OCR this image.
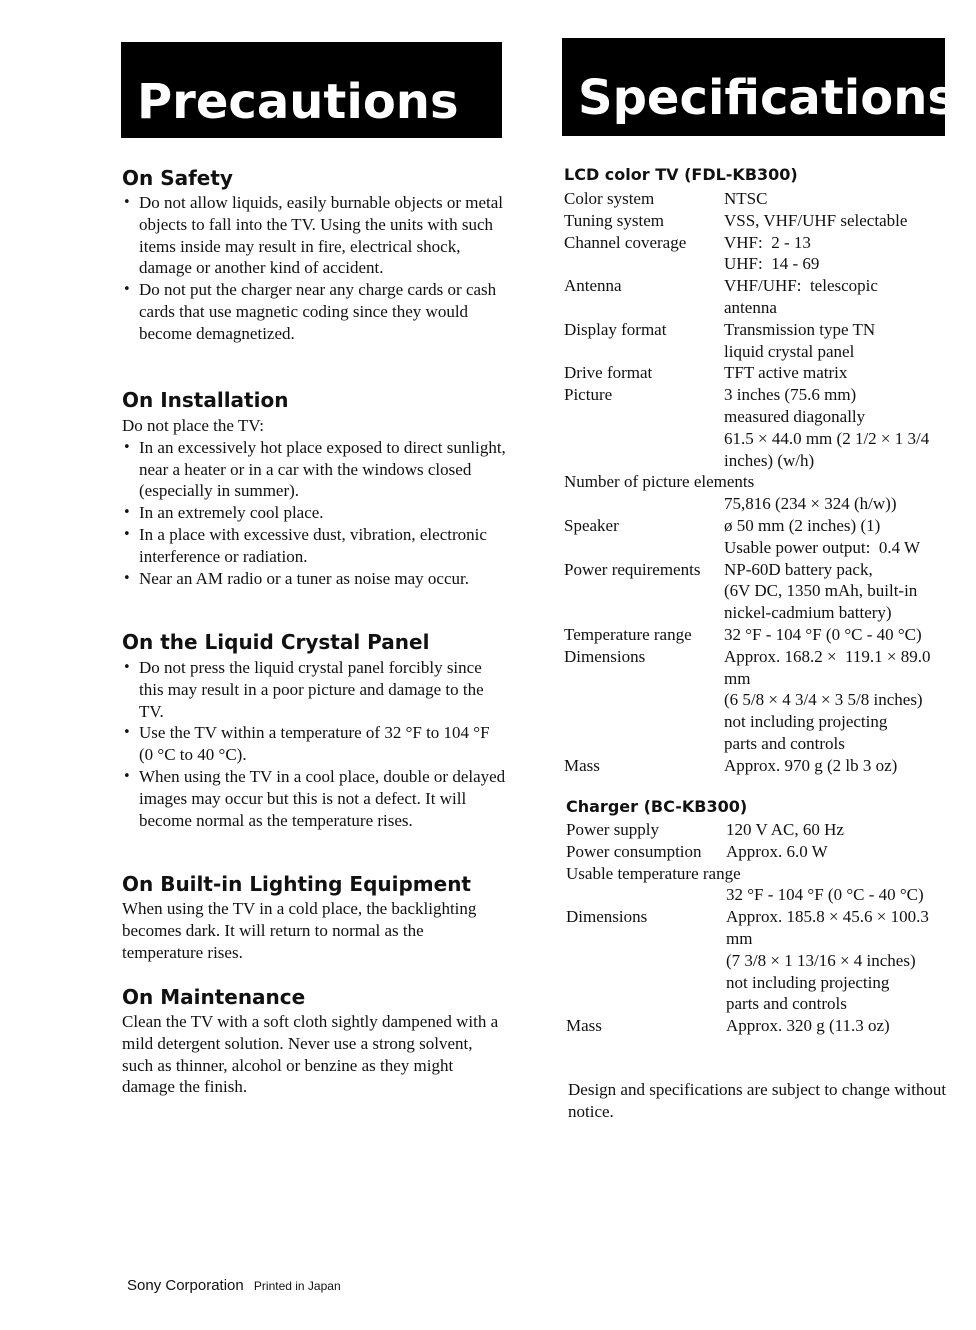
Precautions	Specifications
On Safety
• Do not allow liquids, easily burnable objects or metal objects to fall into the TV. Using the units with such items inside may result in fire, electrical shock, damage or another kind of accident.
• Do not put the charger near any charge cards or cash cards that use magnetic coding since they would become demagnetized.
On Installation
Do not place the TV:
• In an excessively hot place exposed to direct sunlight, near a heater or in a car with the windows closed (especially in summer).
• In an extremely cool place.
• In a place with excessive dust, vibration, electronic interference or radiation.
• Near an AM radio or a tuner as noise may occur.
On the Liquid Crystal Panel
• Do not press the liquid crystal panel forcibly since this may result in a poor picture and damage to the TV.
• Use the TV within a temperature of 32 °F to 104 °F (0 °C to 40 °C).
• When using the TV in a cool place, double or delayed images may occur but this is not a defect. It will become normal as the temperature rises.
On Built-in Lighting Equipment
When using the TV in a cold place, the backlighting becomes dark. It will return to normal as the temperature rises.
On Maintenance
Clean the TV with a soft cloth sightly dampened with a mild detergent solution. Never use a strong solvent, such as thinner, alcohol or benzine as they might damage the finish.
LCD color TV (FDL-KB300)
Color system	NTSC
Tuning system	VSS, VHF/UHF selectable
Channel coverage	VHF:  2 - 13
UHF:  14 - 69
Antenna	VHF/UHF:  telescopic
antenna
Display format	Transmission type TN
liquid crystal panel
Drive format	TFT active matrix
Picture	3 inches (75.6 mm)
measured diagonally
61.5 × 44.0 mm (2 1/2 × 1 3/4
inches) (w/h)
Number of picture elements	
	75,816 (234 × 324 (h/w))
Speaker	ø 50 mm (2 inches) (1)
Usable power output:  0.4 W
Power requirements	NP-60D battery pack,
(6V DC, 1350 mAh, built-in
nickel-cadmium battery)
Temperature range	32 °F - 104 °F (0 °C - 40 °C)
Dimensions	Approx. 168.2 ×  119.1 × 89.0
mm
(6 5/8 × 4 3/4 × 3 5/8 inches)
not including projecting
parts and controls
Mass	Approx. 970 g (2 lb 3 oz)
Charger (BC-KB300)
Power supply	120 V AC, 60 Hz
Power consumption	Approx. 6.0 W
Usable temperature range	
	32 °F - 104 °F (0 °C - 40 °C)
Dimensions	Approx. 185.8 × 45.6 × 100.3
mm
(7 3/8 × 1 13/16 × 4 inches)
not including projecting
parts and controls
Mass	Approx. 320 g (11.3 oz)
Design and specifications are subject to change without notice.
Sony Corporation Printed in Japan
